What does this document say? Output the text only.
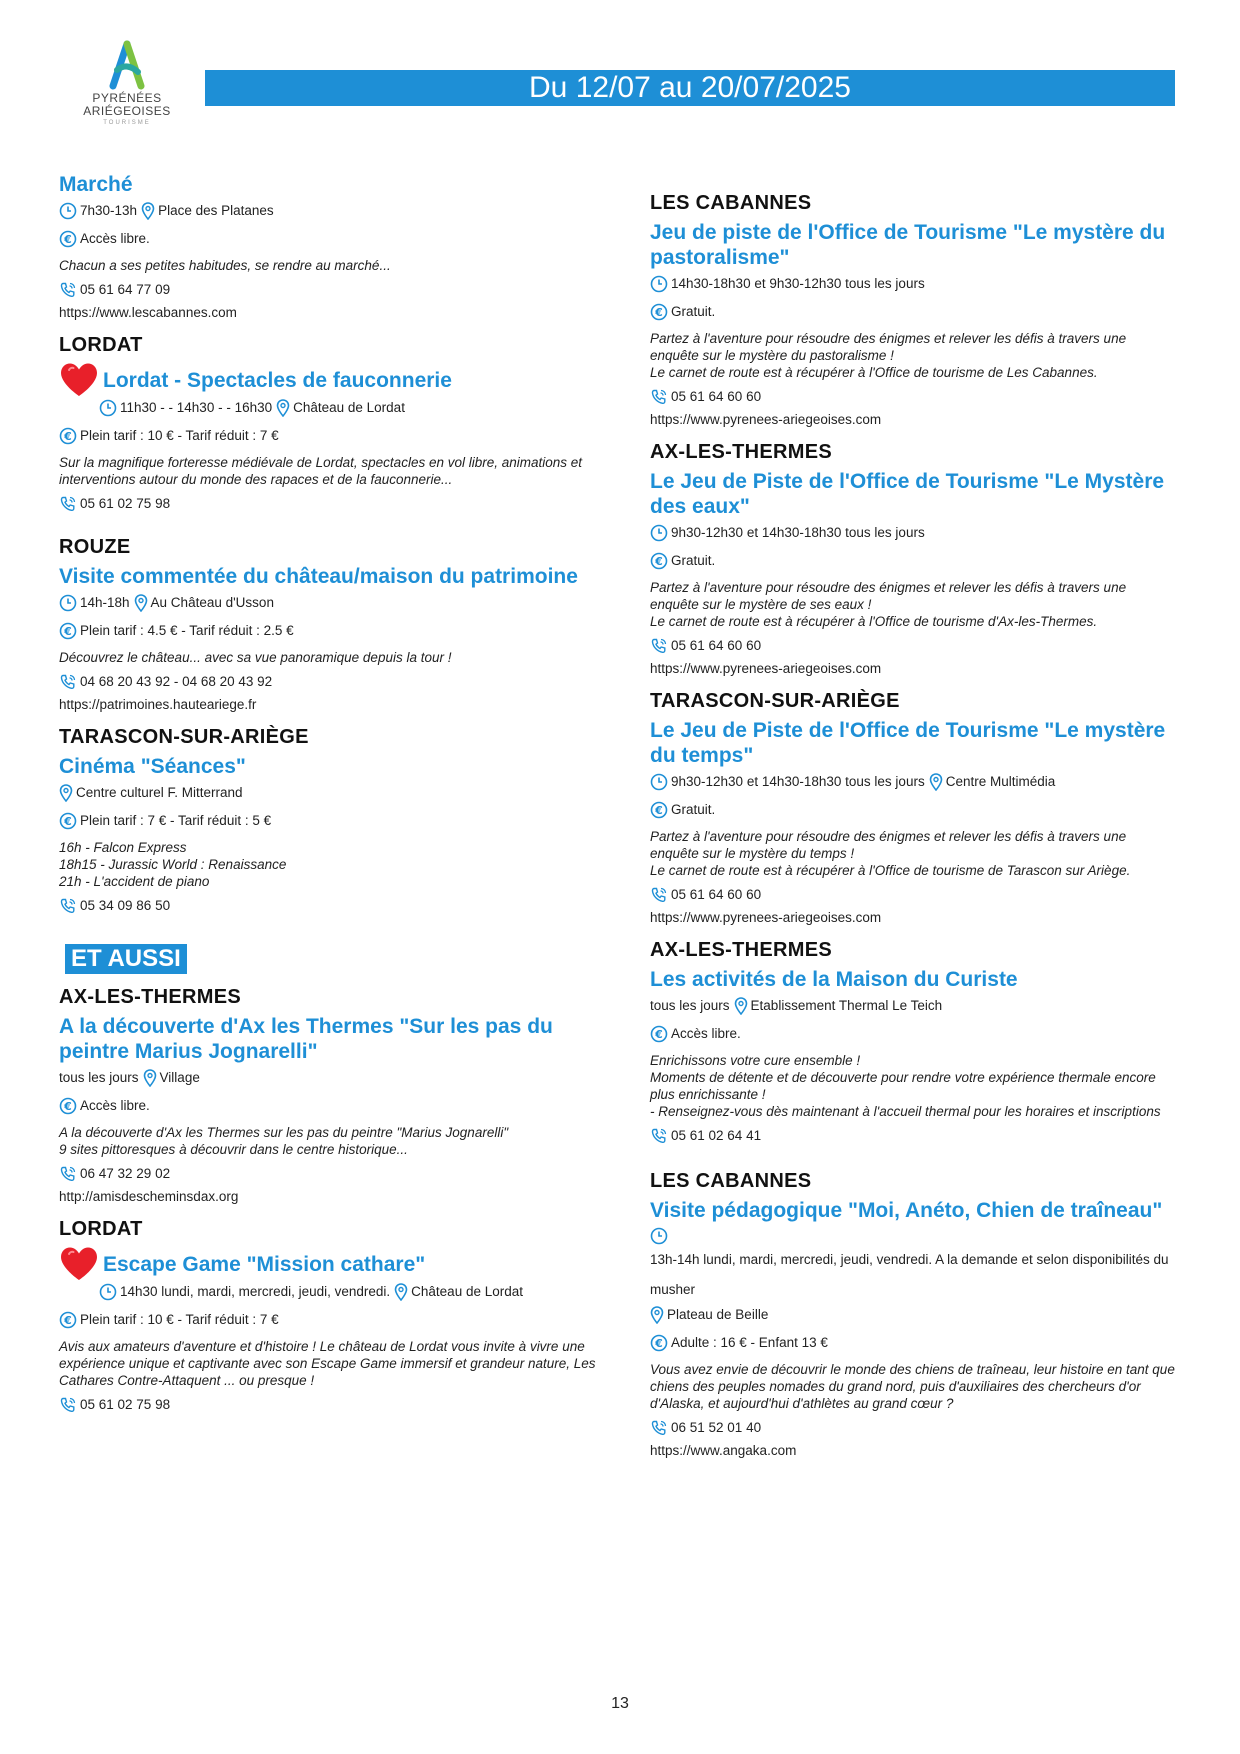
PYRÉNÉES
ARIÉGEOISES
TOURISME
Du 12/07 au 20/07/2025
Marché
7h30-13h Place des Platanes
€ Accès libre.
Chacun a ses petites habitudes, se rendre au marché...
05 61 64 77 09
https://www.lescabannes.com
LORDAT
Lordat - Spectacles de fauconnerie
11h30 - - 14h30 - - 16h30 Château de Lordat
€ Plein tarif : 10 € - Tarif réduit : 7 €
Sur la magnifique forteresse médiévale de Lordat, spectacles en vol libre, animations et interventions autour du monde des rapaces et de la fauconnerie...
05 61 02 75 98
ROUZE
Visite commentée du château/maison du patrimoine
14h-18h Au Château d'Usson
€ Plein tarif : 4.5 € - Tarif réduit : 2.5 €
Découvrez le château... avec sa vue panoramique depuis la tour !
04 68 20 43 92 - 04 68 20 43 92
https://patrimoines.hauteariege.fr
TARASCON-SUR-ARIÈGE
Cinéma "Séances"
Centre culturel F. Mitterrand
€ Plein tarif : 7 € - Tarif réduit : 5 €
16h - Falcon Express
18h15 - Jurassic World : Renaissance
21h - L'accident de piano
05 34 09 86 50
ET AUSSI
AX-LES-THERMES
A la découverte d'Ax les Thermes "Sur les pas du peintre Marius Jognarelli"
tous les jours Village
€ Accès libre.
A la découverte d'Ax les Thermes sur les pas du peintre "Marius Jognarelli"
9 sites pittoresques à découvrir dans le centre historique...
06 47 32 29 02
http://amisdescheminsdax.org
LORDAT
Escape Game "Mission cathare"
14h30 lundi, mardi, mercredi, jeudi, vendredi. Château de Lordat
€ Plein tarif : 10 € - Tarif réduit : 7 €
Avis aux amateurs d'aventure et d'histoire ! Le château de Lordat vous invite à vivre une expérience unique et captivante avec son Escape Game immersif et grandeur nature, Les Cathares Contre-Attaquent ... ou presque !
05 61 02 75 98
LES CABANNES
Jeu de piste de l'Office de Tourisme "Le mystère du pastoralisme"
14h30-18h30 et 9h30-12h30 tous les jours
€ Gratuit.
Partez à l'aventure pour résoudre des énigmes et relever les défis à travers une enquête sur le mystère du pastoralisme !
Le carnet de route est à récupérer à l'Office de tourisme de Les Cabannes.
05 61 64 60 60
https://www.pyrenees-ariegeoises.com
AX-LES-THERMES
Le Jeu de Piste de l'Office de Tourisme "Le Mystère des eaux"
9h30-12h30 et 14h30-18h30 tous les jours
€ Gratuit.
Partez à l'aventure pour résoudre des énigmes et relever les défis à travers une enquête sur le mystère de ses eaux !
Le carnet de route est à récupérer à l'Office de tourisme d'Ax-les-Thermes.
05 61 64 60 60
https://www.pyrenees-ariegeoises.com
TARASCON-SUR-ARIÈGE
Le Jeu de Piste de l'Office de Tourisme "Le mystère du temps"
9h30-12h30 et 14h30-18h30 tous les jours Centre Multimédia
€ Gratuit.
Partez à l'aventure pour résoudre des énigmes et relever les défis à travers une enquête sur le mystère du temps !
Le carnet de route est à récupérer à l'Office de tourisme de Tarascon sur Ariège.
05 61 64 60 60
https://www.pyrenees-ariegeoises.com
AX-LES-THERMES
Les activités de la Maison du Curiste
tous les jours Etablissement Thermal Le Teich
€ Accès libre.
Enrichissons votre cure ensemble !
Moments de détente et de découverte pour rendre votre expérience thermale encore plus enrichissante !
- Renseignez-vous dès maintenant à l'accueil thermal pour les horaires et inscriptions
05 61 02 64 41
LES CABANNES
Visite pédagogique "Moi, Anéto, Chien de traîneau"
13h-14h lundi, mardi, mercredi, jeudi, vendredi. A la demande et selon disponibilités du musher
Plateau de Beille
€ Adulte : 16 € - Enfant 13 €
Vous avez envie de découvrir le monde des chiens de traîneau, leur histoire en tant que chiens des peuples nomades du grand nord, puis d'auxiliaires des chercheurs d'or d'Alaska, et aujourd'hui d'athlètes au grand cœur ?
06 51 52 01 40
https://www.angaka.com
13
